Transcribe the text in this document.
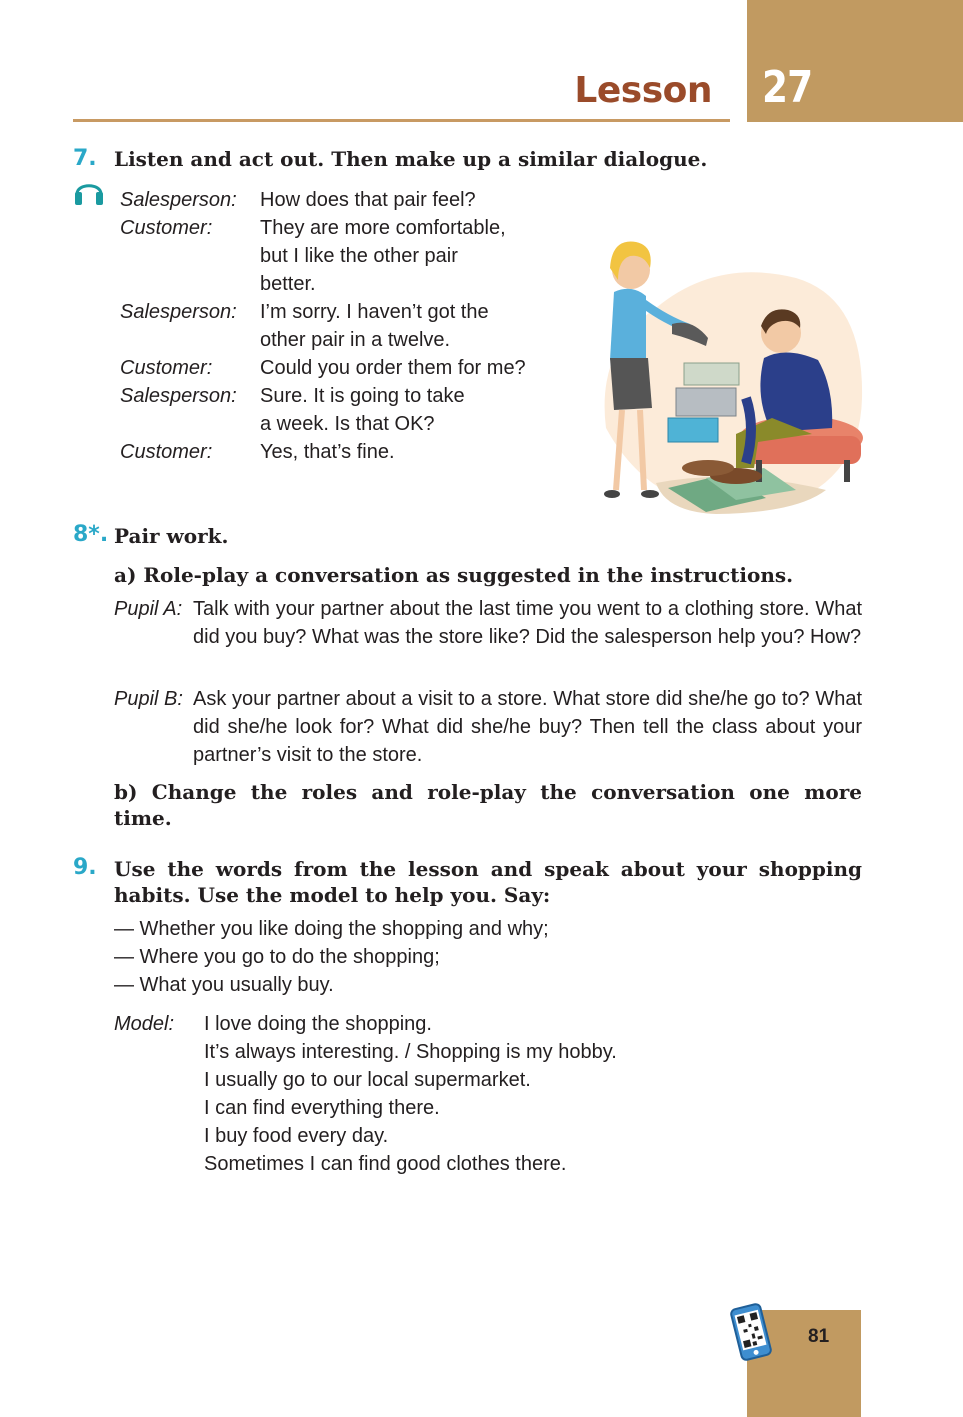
Lesson 27
7. Listen and act out. Then make up a similar dialogue.
Salesperson: How does that pair feel?
Customer: They are more comfortable,
but I like the other pair
better.
Salesperson: I’m sorry. I haven’t got the
other pair in a twelve.
Customer: Could you order them for me?
Salesperson: Sure. It is going to take
a week. Is that OK?
Customer: Yes, that’s fine.
8*. Pair work.
a) Role-play a conversation as suggested in the instructions.
Pupil A: Talk with your partner about the last time you went to a clothing store. What did you buy? What was the store like? Did the salesperson help you? How?
Pupil B: Ask your partner about a visit to a store. What store did she/he go to? What did she/he look for? What did she/he buy? Then tell the class about your partner’s visit to the store.
b) Change the roles and role-play the conversation one more
time.
9. Use the words from the lesson and speak about your shopping
habits. Use the model to help you. Say:
— Whether you like doing the shopping and why;
— Where you go to do the shopping;
— What you usually buy.
Model: I love doing the shopping.
It’s always interesting. / Shopping is my hobby.
I usually go to our local supermarket.
I can find everything there.
I buy food every day.
Sometimes I can find good clothes there.
81
